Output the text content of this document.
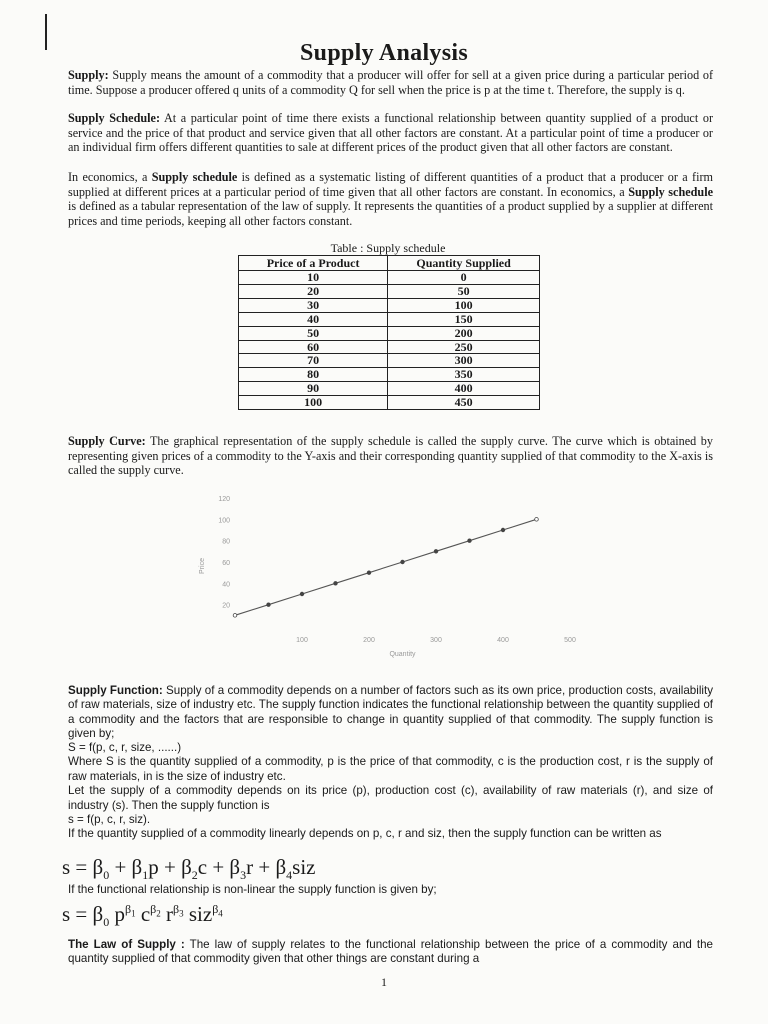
Supply Analysis
Supply: Supply means the amount of a commodity that a producer will offer for sell at a given price during a particular period of time. Suppose a producer offered q units of a commodity Q for sell when the price is p at the time t. Therefore, the supply is q.
Supply Schedule: At a particular point of time there exists a functional relationship between quantity supplied of a product or service and the price of that product and service given that all other factors are constant. At a particular point of time a producer or an individual firm offers different quantities to sale at different prices of the product given that all other factors are constant.
In economics, a Supply schedule is defined as a systematic listing of different quantities of a product that a producer or a firm supplied at different prices at a particular period of time given that all other factors are constant. In economics, a Supply schedule is defined as a tabular representation of the law of supply. It represents the quantities of a product supplied by a supplier at different prices and time periods, keeping all other factors constant.
Table : Supply schedule
Price of a Product	Quantity Supplied
10	0
20	50
30	100
40	150
50	200
60	250
70	300
80	350
90	400
100	450
Supply Curve: The graphical representation of the supply schedule is called the supply curve. The curve which is obtained by representing given prices of a commodity to the Y-axis and their corresponding quantity supplied of that commodity to the X-axis is called the supply curve.
20
40
60
80
100
120
100	200	300	400	500
Price
Quantity
Supply Function: Supply of a commodity depends on a number of factors such as its own price, production costs, availability of raw materials, size of industry etc. The supply function indicates the functional relationship between the quantity supplied of a commodity and the factors that are responsible to change in quantity supplied of that commodity. The supply function is given by;
S = f(p, c, r, size, ......)
Where S is the quantity supplied of a commodity, p is the price of that commodity, c is the production cost, r is the supply of raw materials, in is the size of industry etc.
Let the supply of a commodity depends on its price (p), production cost (c), availability of raw materials (r), and size of industry (s). Then the supply function is
s = f(p, c, r, siz).
If the quantity supplied of a commodity linearly depends on p, c, r and siz, then the supply function can be written as
$s = \beta_0 + \beta_1p + \beta_2c + \beta_3r + \beta_4siz$
If the functional relationship is non-linear the supply function is given by;
$s = \beta_0$ $p^{\beta_1}$ $c^{\beta_2}$ $r^{\beta_3}$ siz$^{\beta_4}$
The Law of Supply : The law of supply relates to the functional relationship between the price of a commodity and the quantity supplied of that commodity given that other things are constant during a
1
